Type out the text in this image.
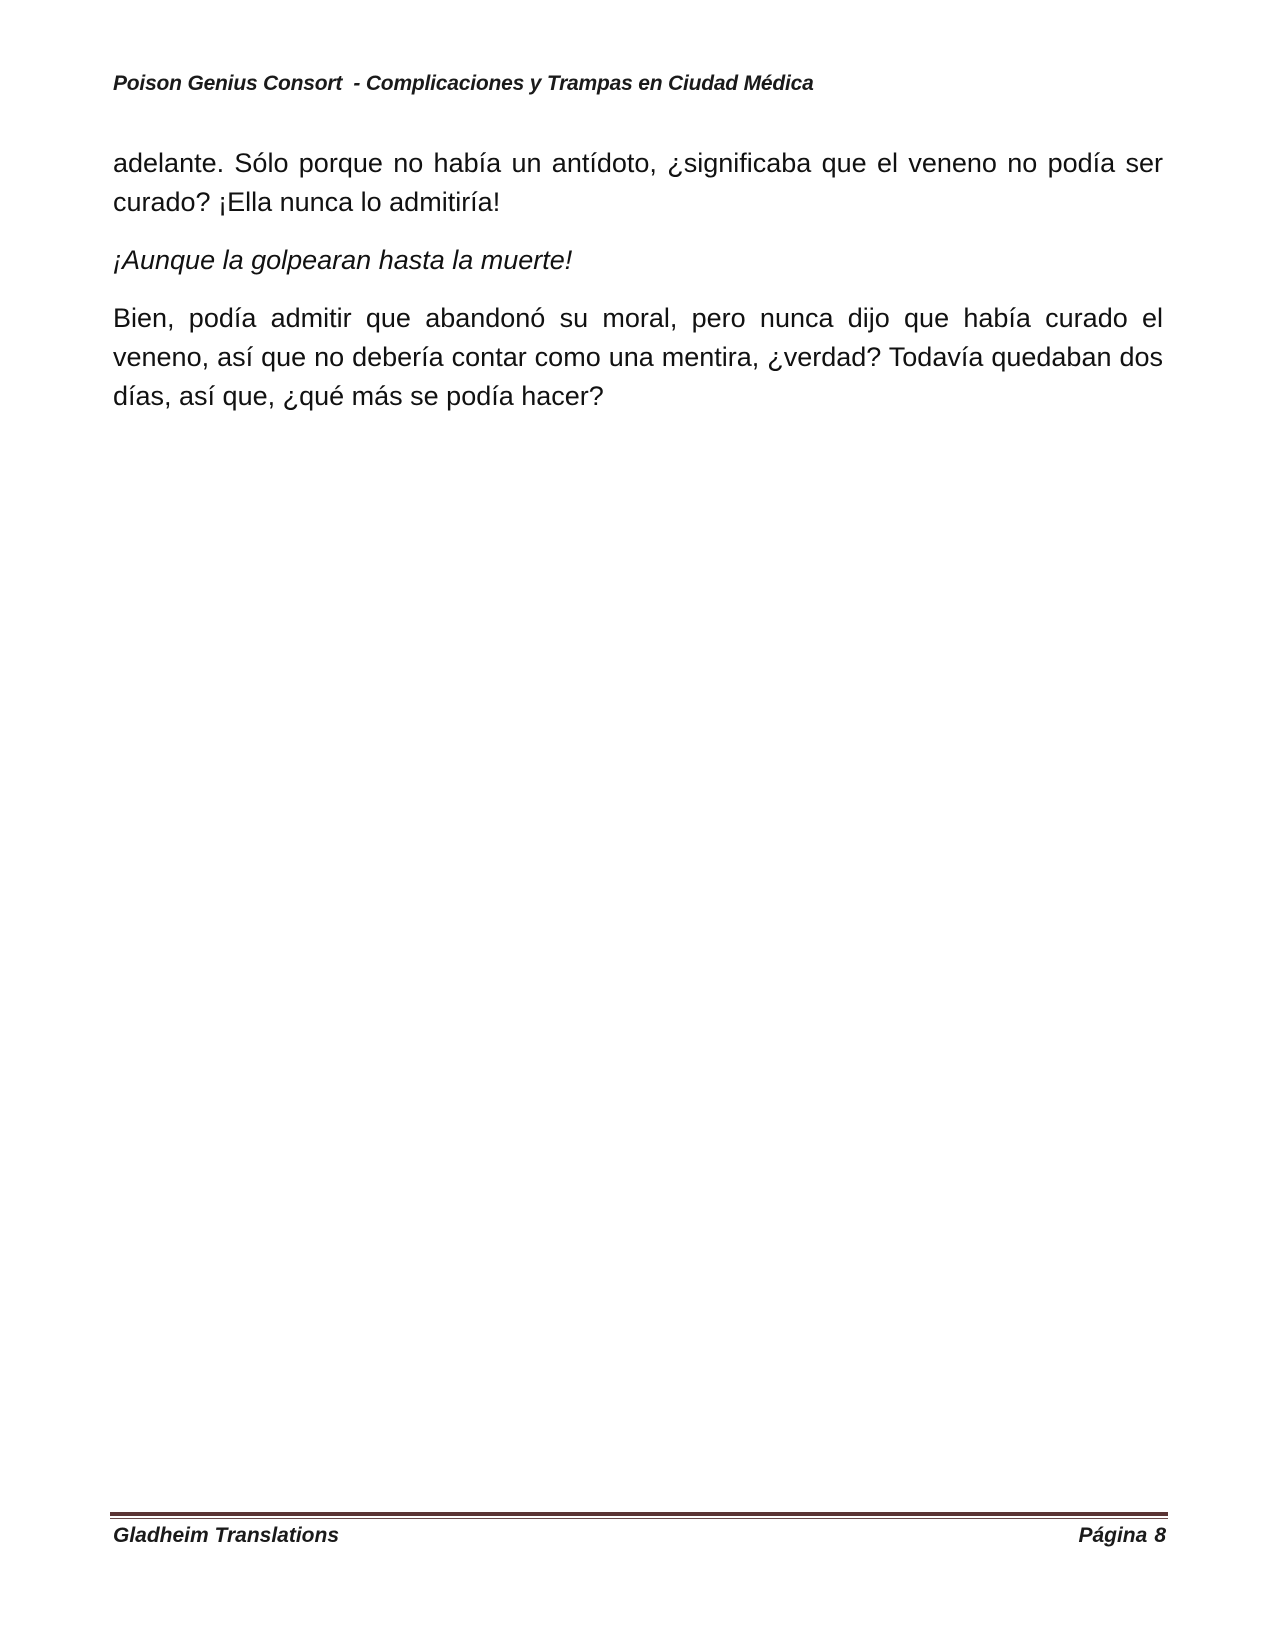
Poison Genius Consort  - Complicaciones y Trampas en Ciudad Médica

adelante. Sólo porque no había un antídoto, ¿significaba que el veneno no podía ser curado? ¡Ella nunca lo admitiría!

¡Aunque la golpearan hasta la muerte!

Bien, podía admitir que abandonó su moral, pero nunca dijo que había curado el veneno, así que no debería contar como una mentira, ¿verdad? Todavía quedaban dos días, así que, ¿qué más se podía hacer?

Gladheim Translations	Página 8
